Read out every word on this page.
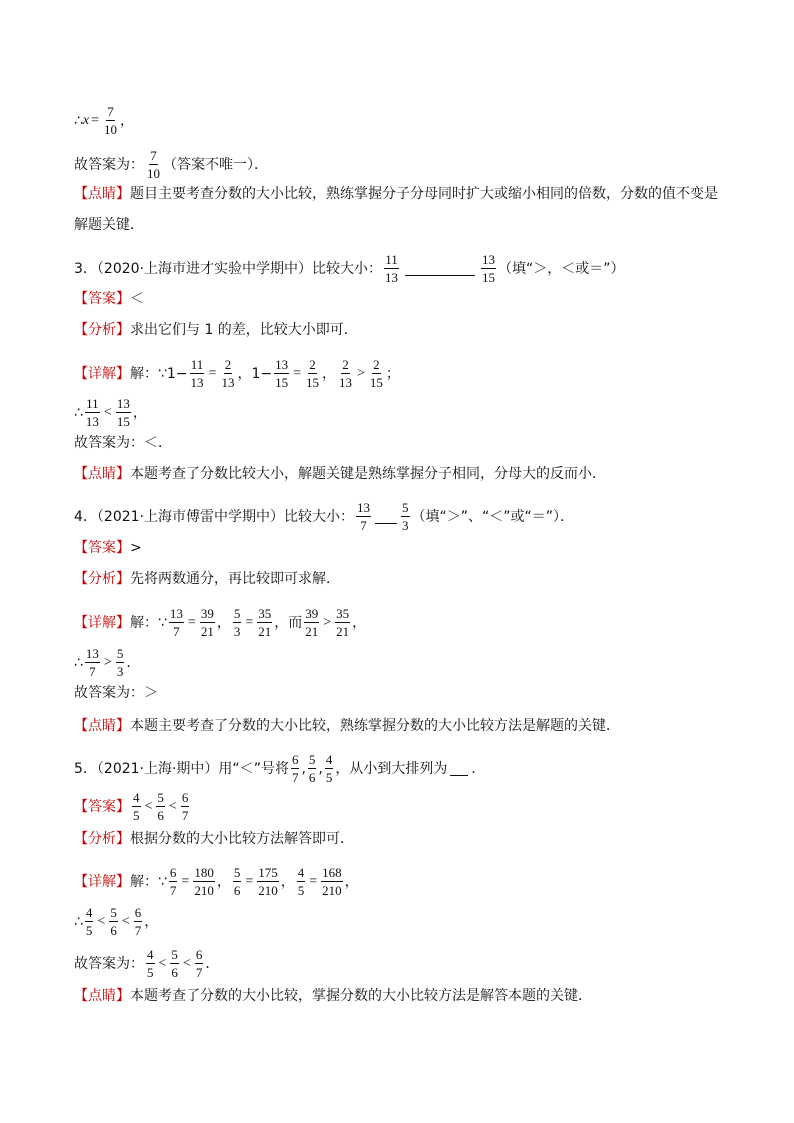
∴ $x = \frac{7}{10}$ ，
故答案为： $\frac{7}{10}$ （答案不唯一）．
【点睛】 题目主要考查分数的大小比较，熟练掌握分子分母同时扩大或缩小相同的倍数，分数的值不变是
解题关键．
3．（2020·上海市进才实验中学期中）比较大小： $\frac{11}{13}$	$\frac{13}{15}$ （填“＞，＜或＝”）
【答案】 ＜
【分析】 求出它们与 1 的差，比较大小即可．
【详解】 解：∵1− $\frac{11}{13} = \frac{2}{13}$ ，$1- \frac{13}{15} = \frac{2}{15}$ ， $\frac{2}{13} > \frac{2}{15}$ ；
∴ $\frac{11}{13} < \frac{13}{15}$ ，
故答案为：＜．
【点睛】 本题考查了分数比较大小，解题关键是熟练掌握分子相同，分母大的反而小．
4．（2021·上海市傅雷中学期中）比较大小： $\frac{13}{7} \frac{5}{3}$ （填“＞”、“＜”或“＝”）．
【答案】 >
【分析】 先将两数通分，再比较即可求解．
【详解】 解：∵ $\frac{13}{7} = \frac{39}{21}$ ， $\frac{5}{3} = \frac{35}{21}$ ，而 $\frac{39}{21} > \frac{35}{21}$ ，
∴ $\frac{13}{7} > \frac{5}{3}$ ．
故答案为：＞
【点睛】 本题主要考查了分数的大小比较，熟练掌握分数的大小比较方法是解题的关键．
5．（2021·上海·期中）用“＜”号将 $\frac{6}{7}$ , $\frac{5}{6}$ , $\frac{4}{5}$ ，从小到大排列为 ．
【答案】 $\frac{4}{5} < \frac{5}{6} < \frac{6}{7}$
【分析】 根据分数的大小比较方法解答即可．
【详解】 解：∵ $\frac{6}{7} = \frac{180}{210}$ ， $\frac{5}{6} = \frac{175}{210}$ ， $\frac{4}{5} = \frac{168}{210}$ ，
∴ $\frac{4}{5} < \frac{5}{6} < \frac{6}{7}$ ，
故答案为： $\frac{4}{5} < \frac{5}{6} < \frac{6}{7}$ ．
【点睛】 本题考查了分数的大小比较，掌握分数的大小比较方法是解答本题的关键．
